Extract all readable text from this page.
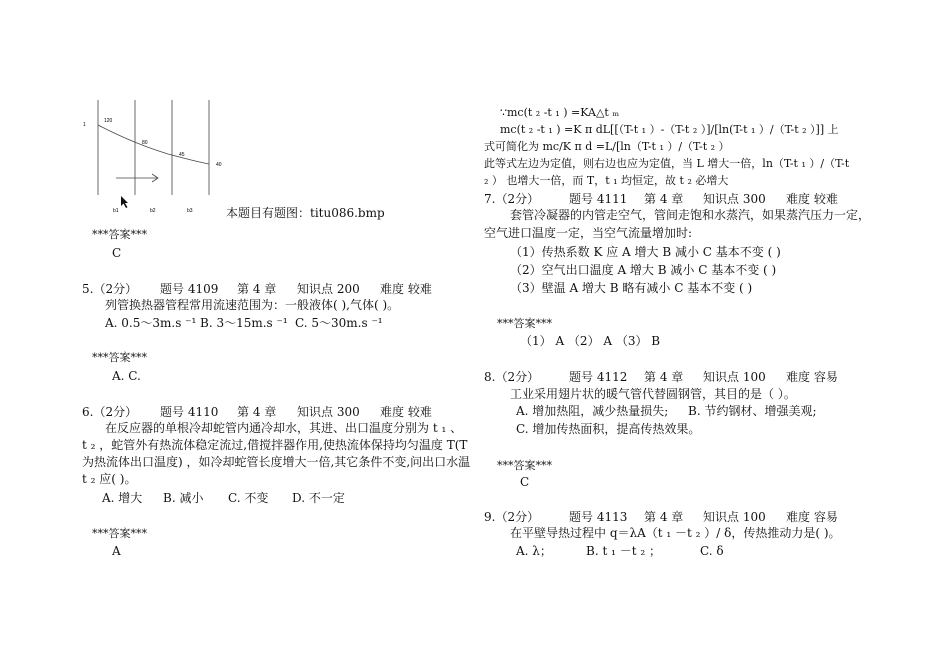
1
120
80
45
40
b1	b2	b3	本题目有题图：titu086.bmp
***答案***
C
5.（2分） 题号 4109 第 4 章 知识点 200 难度 较难
列管换热器管程常用流速范围为：一般液体( ),气体( )。
A. 0.5～3m.s ⁻¹ B. 3～15m.s ⁻¹ C. 5～30m.s ⁻¹
***答案***
A. C.
6.（2分） 题号 4110 第 4 章 知识点 300 难度 较难
在反应器的单根冷却蛇管内通冷却水，其进、出口温度分别为 t ₁ 、
t ₂ ，蛇管外有热流体稳定流过,借搅拌器作用,使热流体保持均匀温度 T(T
为热流体出口温度) ，如冷却蛇管长度增大一倍,其它条件不变,问出口水温
t ₂ 应( )。
A. 增大 B. 减小 C. 不变 D. 不一定
***答案***
A
∵mc(t ₂ -t ₁ ) =KA△t ₘ
mc(t ₂ -t ₁ ) =K π dL[[（T-t ₁ ）-（T-t ₂ ）]/[ln(T-t ₁ ）/（T-t ₂ ）]] 上
式可简化为 mc/K π d =L/[ln（T-t ₁ ）/（T-t ₂ ）
此等式左边为定值，则右边也应为定值，当 L 增大一倍，ln（T-t ₁ ）/（T-t
₂ ） 也增大一倍，而 T，t ₁ 均恒定，故 t ₂ 必增大
7.（2分） 题号 4111 第 4 章 知识点 300 难度 较难
套管冷凝器的内管走空气，管间走饱和水蒸汽，如果蒸汽压力一定，
空气进口温度一定，当空气流量增加时:
（1）传热系数 K 应 A 增大 B 减小 C 基本不变 ( )
（2）空气出口温度 A 增大 B 减小 C 基本不变 ( )
（3）壁温 A 增大 B 略有减小 C 基本不变 ( )
***答案***
（1） A （2） A （3） B
8.（2分） 题号 4112 第 4 章 知识点 100 难度 容易
工业采用翅片状的暖气管代替圆钢管，其目的是（ ）。
A. 增加热阻，减少热量损失; B. 节约钢材、增强美观;
C. 增加传热面积，提高传热效果。
***答案***
C
9.（2分） 题号 4113 第 4 章 知识点 100 难度 容易
在平壁导热过程中 q＝λA（t ₁ －t ₂ ）/ δ，传热推动力是( )。
A. λ；	B. t ₁ －t ₂ ；	C. δ
